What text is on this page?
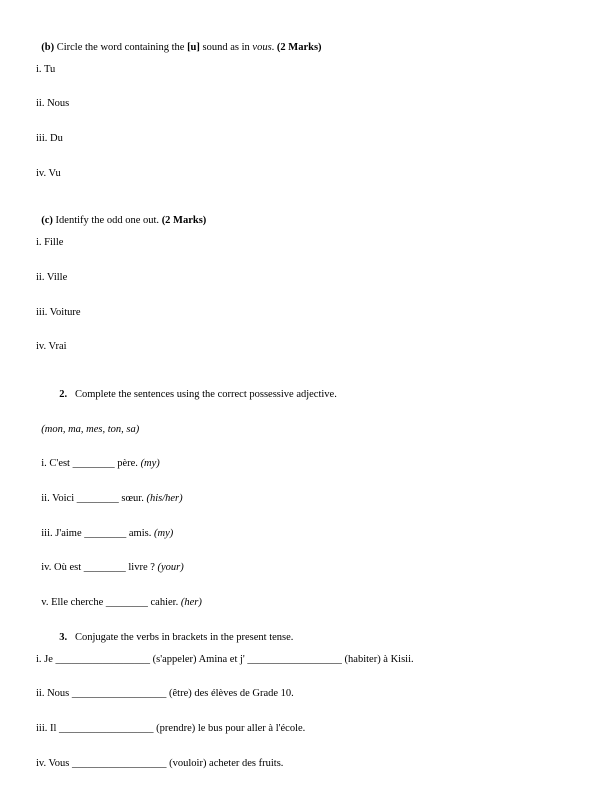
(b) Circle the word containing the [u] sound as in vous. (2 Marks)

i. Tu
ii. Nous
iii. Du
iv. Vu

(c) Identify the odd one out. (2 Marks)

i. Fille
ii. Ville
iii. Voiture
iv. Vrai

2. Complete the sentences using the correct possessive adjective.

(mon, ma, mes, ton, sa)

i. C'est ________ père. (my)

ii. Voici ________ sœur. (his/her)

iii. J'aime ________ amis. (my)

iv. Où est ________ livre ? (your)

v. Elle cherche ________ cahier. (her)

3. Conjugate the verbs in brackets in the present tense.

i. Je __________________ (s'appeler) Amina et j' __________________ (habiter) à Kisii.
ii. Nous __________________ (être) des élèves de Grade 10.
iii. Il __________________ (prendre) le bus pour aller à l'école.
iv. Vous __________________ (vouloir) acheter des fruits.
